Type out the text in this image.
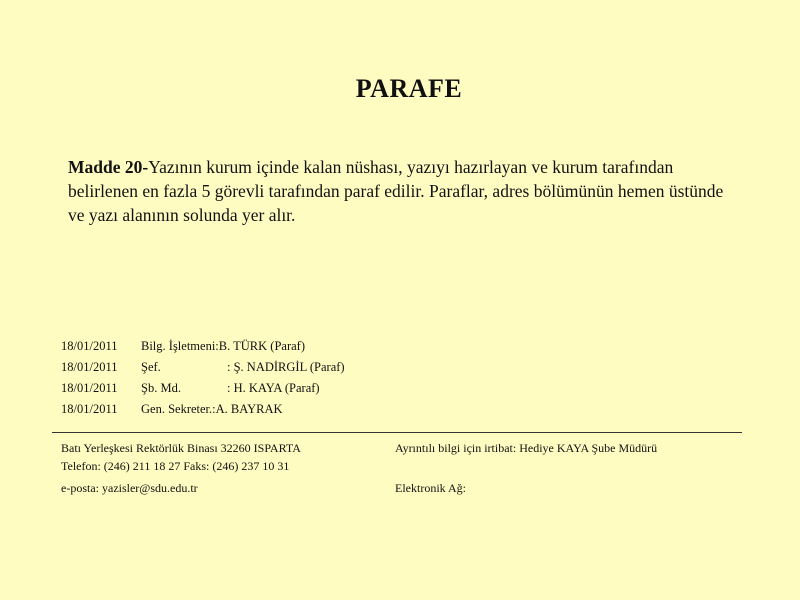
PARAFE
Madde 20-Yazının kurum içinde kalan nüshası, yazıyı hazırlayan ve kurum tarafından belirlenen en fazla 5 görevli tarafından paraf edilir. Paraflar, adres bölümünün hemen üstünde ve yazı alanının solunda yer alır.
18/01/2011	Bilg. İşletmeni: B. TÜRK (Paraf)
18/01/2011	Şef.	: Ş. NADİRGİL (Paraf)
18/01/2011	Şb. Md.	: H. KAYA (Paraf)
18/01/2011	Gen. Sekreter.: A. BAYRAK
Batı Yerleşkesi Rektörlük Binası 32260 ISPARTA
Telefon: (246) 211 18 27 Faks: (246) 237 10 31
e-posta: yazisler@sdu.edu.tr
Ayrıntılı bilgi için irtibat: Hediye KAYA Şube Müdürü
Elektronik Ağ:
